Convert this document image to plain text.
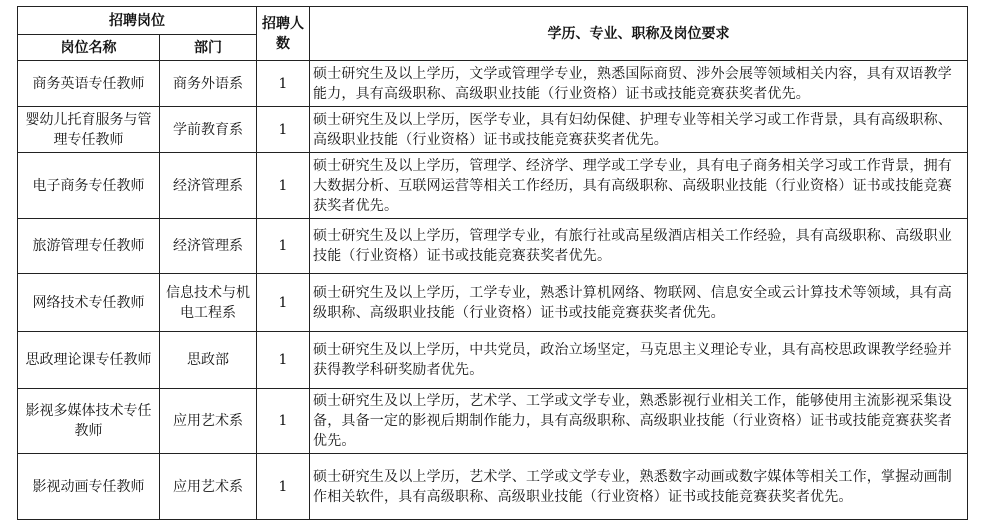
招聘岗位		招聘人数	学历、专业、职称及岗位要求
岗位名称	部门		
商务英语专任教师	商务外语系	1	硕士研究生及以上学历，文学或管理学专业，熟悉国际商贸、涉外会展等领域相关内容，具有双语教学能力，具有高级职称、高级职业技能（行业资格）证书或技能竞赛获奖者优先。
婴幼儿托育服务与管理专任教师	学前教育系	1	硕士研究生及以上学历，医学专业，具有妇幼保健、护理专业等相关学习或工作背景，具有高级职称、高级职业技能（行业资格）证书或技能竞赛获奖者优先。
电子商务专任教师	经济管理系	1	硕士研究生及以上学历，管理学、经济学、理学或工学专业，具有电子商务相关学习或工作背景，拥有大数据分析、互联网运营等相关工作经历，具有高级职称、高级职业技能（行业资格）证书或技能竞赛获奖者优先。
旅游管理专任教师	经济管理系	1	硕士研究生及以上学历，管理学专业，有旅行社或高星级酒店相关工作经验，具有高级职称、高级职业技能（行业资格）证书或技能竞赛获奖者优先。
网络技术专任教师	信息技术与机电工程系	1	硕士研究生及以上学历，工学专业，熟悉计算机网络、物联网、信息安全或云计算技术等领域，具有高级职称、高级职业技能（行业资格）证书或技能竞赛获奖者优先。
思政理论课专任教师	思政部	1	硕士研究生及以上学历，中共党员，政治立场坚定，马克思主义理论专业，具有高校思政课教学经验并获得教学科研奖励者优先。
影视多媒体技术专任教师	应用艺术系	1	硕士研究生及以上学历，艺术学、工学或文学专业，熟悉影视行业相关工作，能够使用主流影视采集设备，具备一定的影视后期制作能力，具有高级职称、高级职业技能（行业资格）证书或技能竞赛获奖者优先。
影视动画专任教师	应用艺术系	1	硕士研究生及以上学历，艺术学、工学或文学专业，熟悉数字动画或数字媒体等相关工作，掌握动画制作相关软件，具有高级职称、高级职业技能（行业资格）证书或技能竞赛获奖者优先。
